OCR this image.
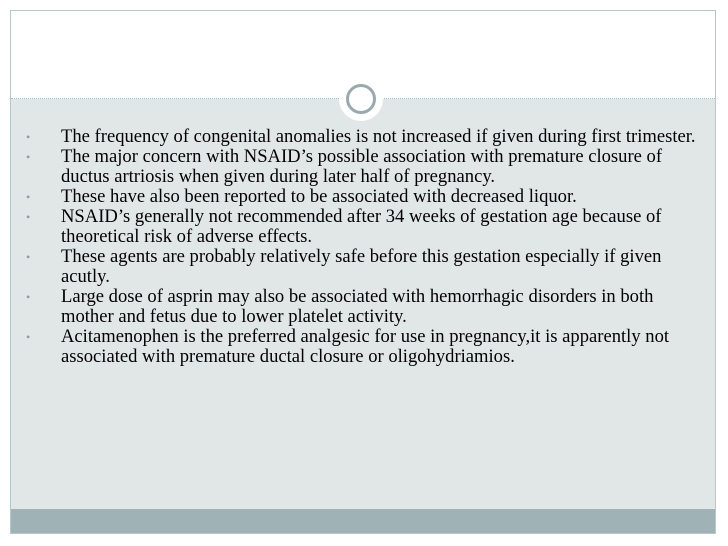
• The frequency of congenital anomalies is not increased if given during first trimester.
• The major concern with NSAID’s possible association with premature closure of ductus artriosis when given during later half of pregnancy.
• These have also been reported to be associated with decreased liquor.
• NSAID’s generally not recommended after 34 weeks of gestation age because of theoretical risk of adverse effects.
• These agents are probably relatively safe before this gestation especially if given acutly.
• Large dose of asprin may also be associated with hemorrhagic disorders in both mother and fetus due to lower platelet activity.
• Acitamenophen is the preferred analgesic for use in pregnancy,it is apparently not associated with premature ductal closure or oligohydriamios.
